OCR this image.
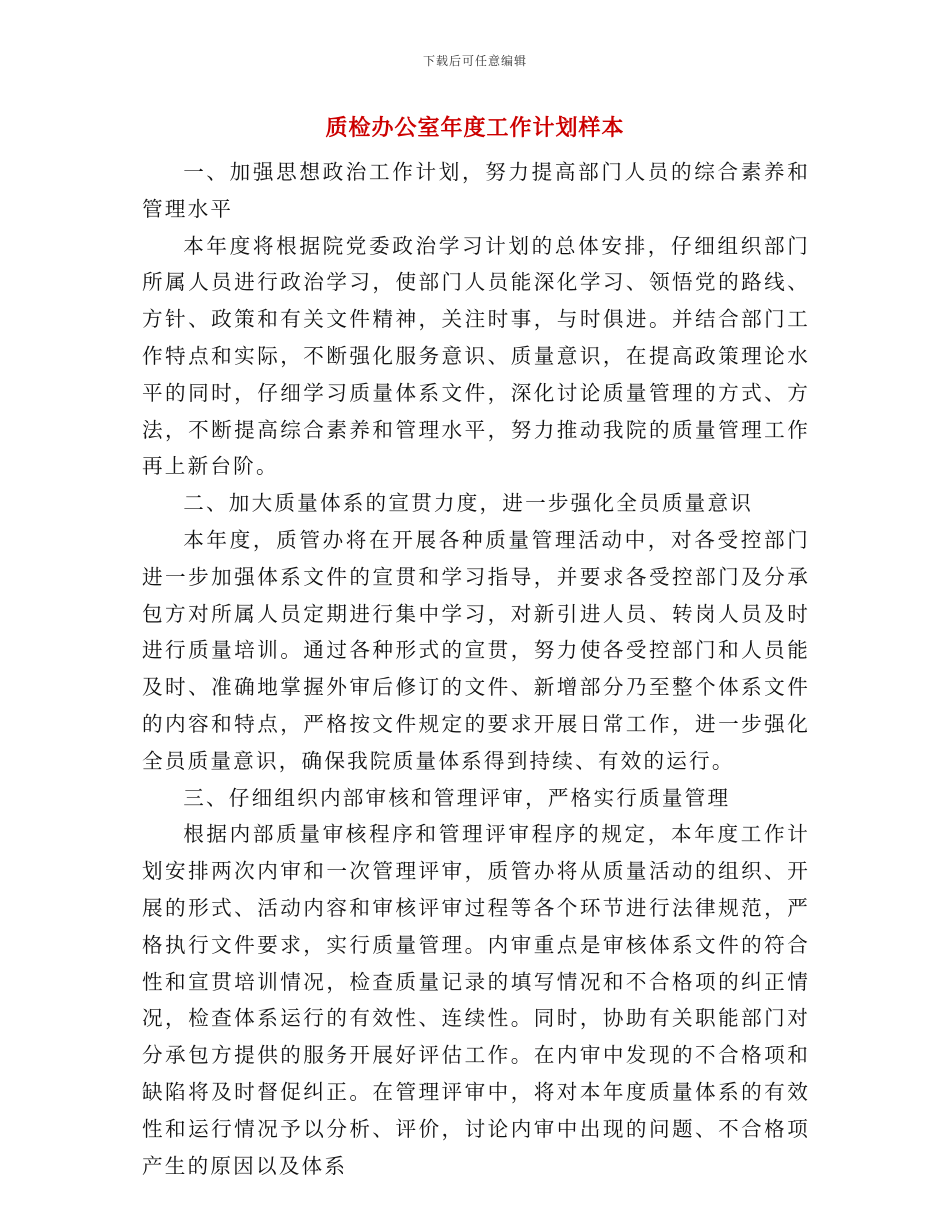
下载后可任意编辑
质检办公室年度工作计划样本

一、加强思想政治工作计划，努力提高部门人员的综合素养和管理水平

本年度将根据院党委政治学习计划的总体安排，仔细组织部门所属人员进行政治学习，使部门人员能深化学习、领悟党的路线、方针、政策和有关文件精神，关注时事，与时俱进。并结合部门工作特点和实际，不断强化服务意识、质量意识，在提高政策理论水平的同时，仔细学习质量体系文件，深化讨论质量管理的方式、方法，不断提高综合素养和管理水平，努力推动我院的质量管理工作再上新台阶。

二、加大质量体系的宣贯力度，进一步强化全员质量意识

本年度，质管办将在开展各种质量管理活动中，对各受控部门进一步加强体系文件的宣贯和学习指导，并要求各受控部门及分承包方对所属人员定期进行集中学习，对新引进人员、转岗人员及时进行质量培训。通过各种形式的宣贯，努力使各受控部门和人员能及时、准确地掌握外审后修订的文件、新增部分乃至整个体系文件的内容和特点，严格按文件规定的要求开展日常工作，进一步强化全员质量意识，确保我院质量体系得到持续、有效的运行。

三、仔细组织内部审核和管理评审，严格实行质量管理

根据内部质量审核程序和管理评审程序的规定，本年度工作计划安排两次内审和一次管理评审，质管办将从质量活动的组织、开展的形式、活动内容和审核评审过程等各个环节进行法律规范，严格执行文件要求，实行质量管理。内审重点是审核体系文件的符合性和宣贯培训情况，检查质量记录的填写情况和不合格项的纠正情况，检查体系运行的有效性、连续性。同时，协助有关职能部门对分承包方提供的服务开展好评估工作。在内审中发现的不合格项和缺陷将及时督促纠正。在管理评审中，将对本年度质量体系的有效性和运行情况予以分析、评价，讨论内审中出现的问题、不合格项产生的原因以及体系
